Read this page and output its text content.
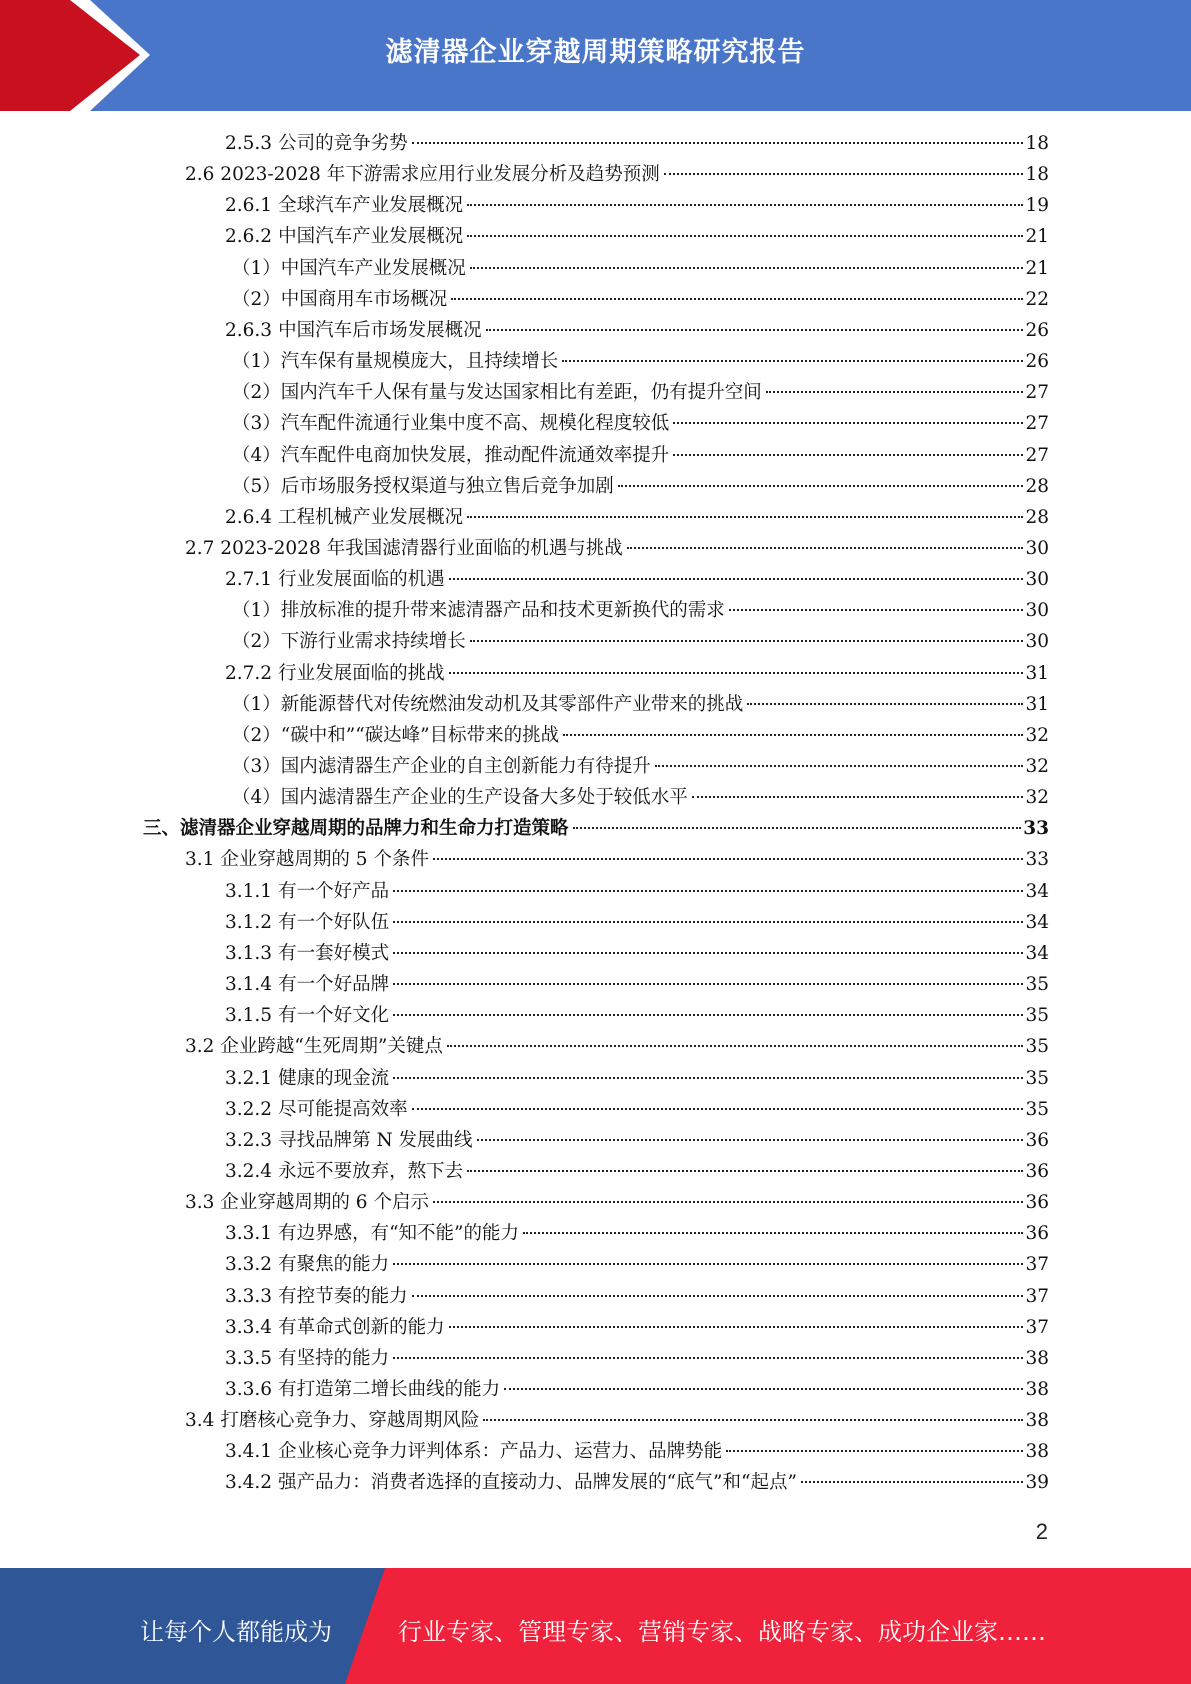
滤清器企业穿越周期策略研究报告
2.5.3 公司的竞争劣势	18
2.6 2023-2028 年下游需求应用行业发展分析及趋势预测	18
2.6.1 全球汽车产业发展概况	19
2.6.2 中国汽车产业发展概况	21
（1） 中国汽车产业发展概况	21
（2） 中国商用车市场概况	22
2.6.3 中国汽车后市场发展概况	26
（1） 汽车保有量规模庞大，且持续增长	26
（2） 国内汽车千人保有量与发达国家相比有差距，仍有提升空间	27
（3） 汽车配件流通行业集中度不高、规模化程度较低	27
（4） 汽车配件电商加快发展，推动配件流通效率提升	27
（5） 后市场服务授权渠道与独立售后竞争加剧	28
2.6.4 工程机械产业发展概况	28
2.7 2023-2028 年我国滤清器行业面临的机遇与挑战	30
2.7.1 行业发展面临的机遇	30
（1） 排放标准的提升带来滤清器产品和技术更新换代的需求	30
（2） 下游行业需求持续增长	30
2.7.2 行业发展面临的挑战	31
（1） 新能源替代对传统燃油发动机及其零部件产业带来的挑战	31
（2） “碳中和”“碳达峰”目标带来的挑战	32
（3） 国内滤清器生产企业的自主创新能力有待提升	32
（4） 国内滤清器生产企业的生产设备大多处于较低水平	32
三、 滤清器企业穿越周期的品牌力和生命力打造策略	33
3.1 企业穿越周期的 5 个条件	33
3.1.1 有一个好产品	34
3.1.2 有一个好队伍	34
3.1.3 有一套好模式	34
3.1.4 有一个好品牌	35
3.1.5 有一个好文化	35
3.2 企业跨越“生死周期”关键点	35
3.2.1 健康的现金流	35
3.2.2 尽可能提高效率	35
3.2.3 寻找品牌第 N 发展曲线	36
3.2.4 永远不要放弃，熬下去	36
3.3 企业穿越周期的 6 个启示	36
3.3.1 有边界感，有“知不能”的能力	36
3.3.2 有聚焦的能力	37
3.3.3 有控节奏的能力	37
3.3.4 有革命式创新的能力	37
3.3.5 有坚持的能力	38
3.3.6 有打造第二增长曲线的能力	38
3.4 打磨核心竞争力、穿越周期风险	38
3.4.1 企业核心竞争力评判体系：产品力、运营力、品牌势能	38
3.4.2 强产品力：消费者选择的直接动力、品牌发展的“底气”和“起点”	39
2
让每个人都能成为	行业专家、管理专家、营销专家、战略专家、成功企业家……
